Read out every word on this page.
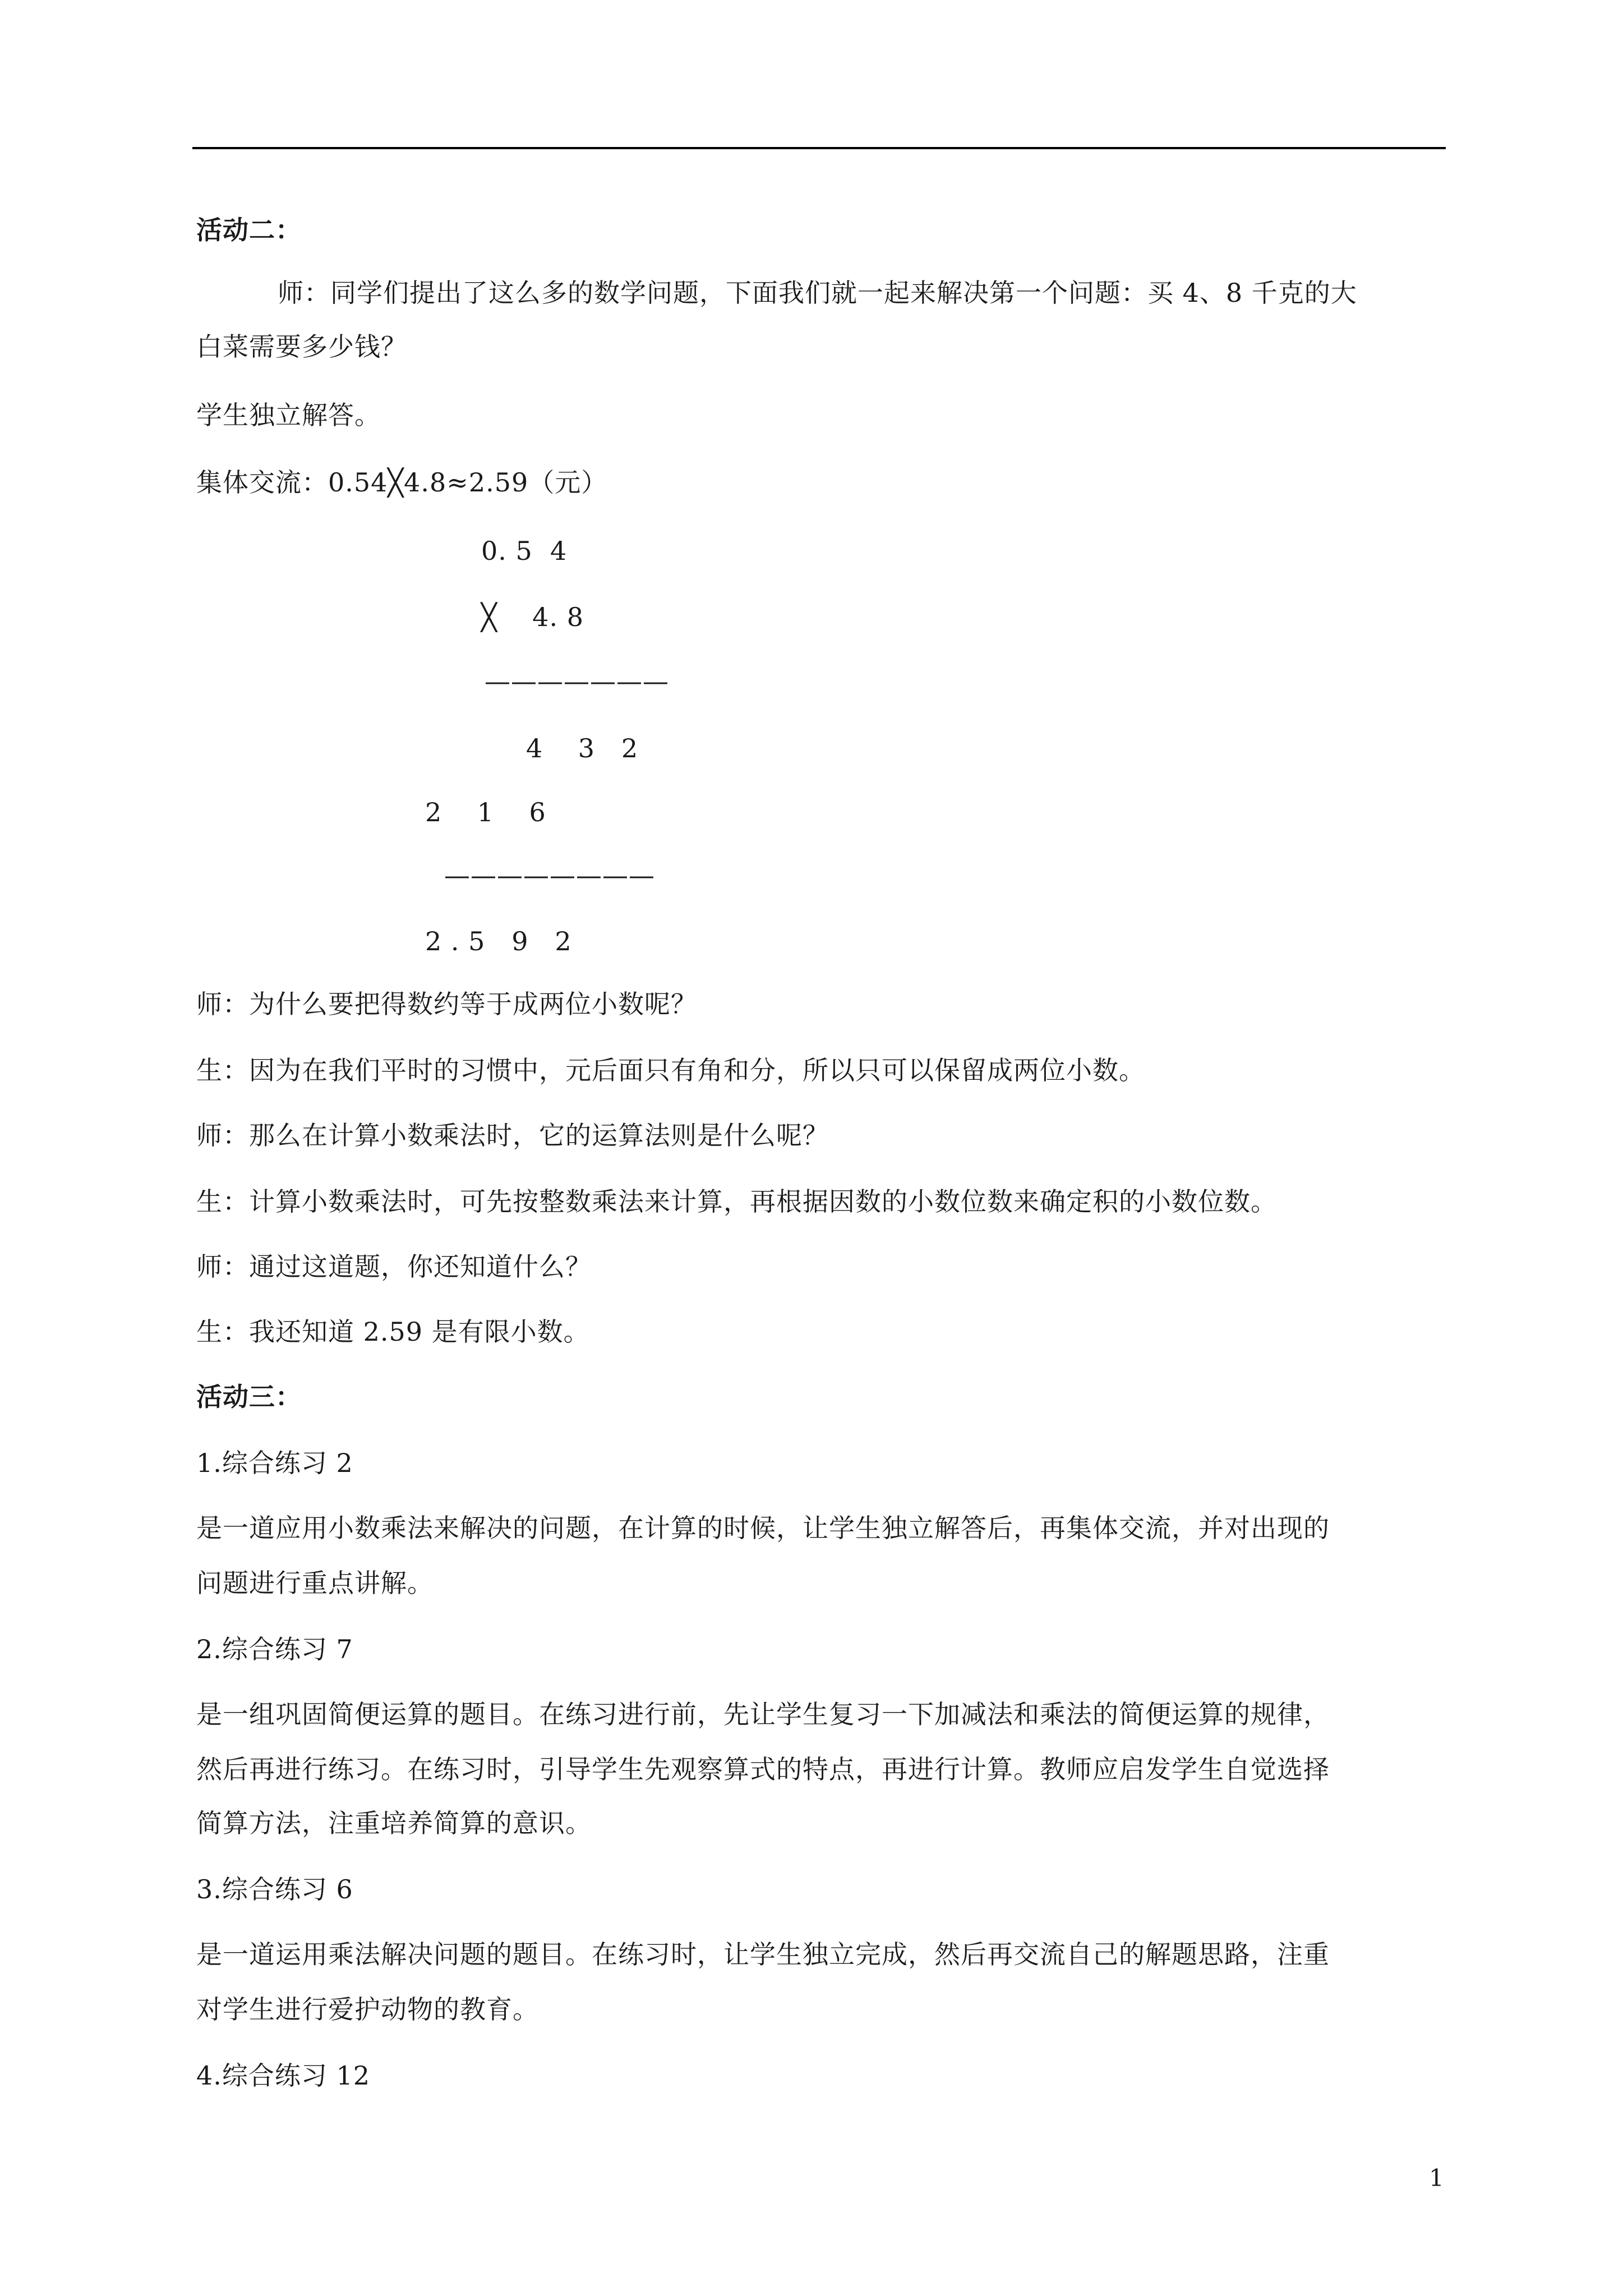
活动二：
师：同学们提出了这么多的数学问题，下面我们就一起来解决第一个问题：买 4、8 千克的大
白菜需要多少钱？
学生独立解答。
集体交流：0.54╳4.8≈2.59（元）
0. 5  4
╳    4. 8
———————
4    3   2
2    1    6
————————
2 . 5   9   2
师：为什么要把得数约等于成两位小数呢？
生：因为在我们平时的习惯中，元后面只有角和分，所以只可以保留成两位小数。
师：那么在计算小数乘法时，它的运算法则是什么呢？
生：计算小数乘法时，可先按整数乘法来计算，再根据因数的小数位数来确定积的小数位数。
师：通过这道题，你还知道什么？
生：我还知道 2.59 是有限小数。
活动三：
1.综合练习 2
是一道应用小数乘法来解决的问题，在计算的时候，让学生独立解答后，再集体交流，并对出现的
问题进行重点讲解。
2.综合练习 7
是一组巩固简便运算的题目。在练习进行前，先让学生复习一下加减法和乘法的简便运算的规律，
然后再进行练习。在练习时，引导学生先观察算式的特点，再进行计算。教师应启发学生自觉选择
简算方法，注重培养简算的意识。
3.综合练习 6
是一道运用乘法解决问题的题目。在练习时，让学生独立完成，然后再交流自己的解题思路，注重
对学生进行爱护动物的教育。
4.综合练习 12
1
